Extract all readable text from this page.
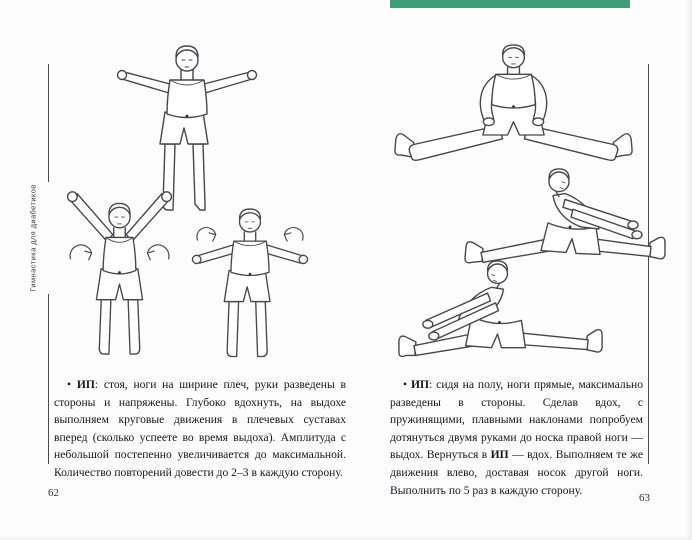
Гимнастика для диабетиков
• ИП: стоя, ноги на ширине плеч, руки разведены в стороны и напряжены. Глубоко вдохнуть, на выдохе выполняем круговые движения в плечевых суставах вперед (сколько успеете во время выдоха). Амплитуда с небольшой постепенно увеличивается до максимальной. Количество повторений довести до 2–3 в каждую сторону.
• ИП: сидя на полу, ноги прямые, максимально разведены в стороны. Сделав вдох, с пружинящими, плавными наклонами попробуем дотянуться двумя руками до носка правой ноги — выдох. Вернуться в ИП — вдох. Выполняем те же движения влево, доставая носок другой ноги. Выполнить по 5 раз в каждую сторону.
62	63
